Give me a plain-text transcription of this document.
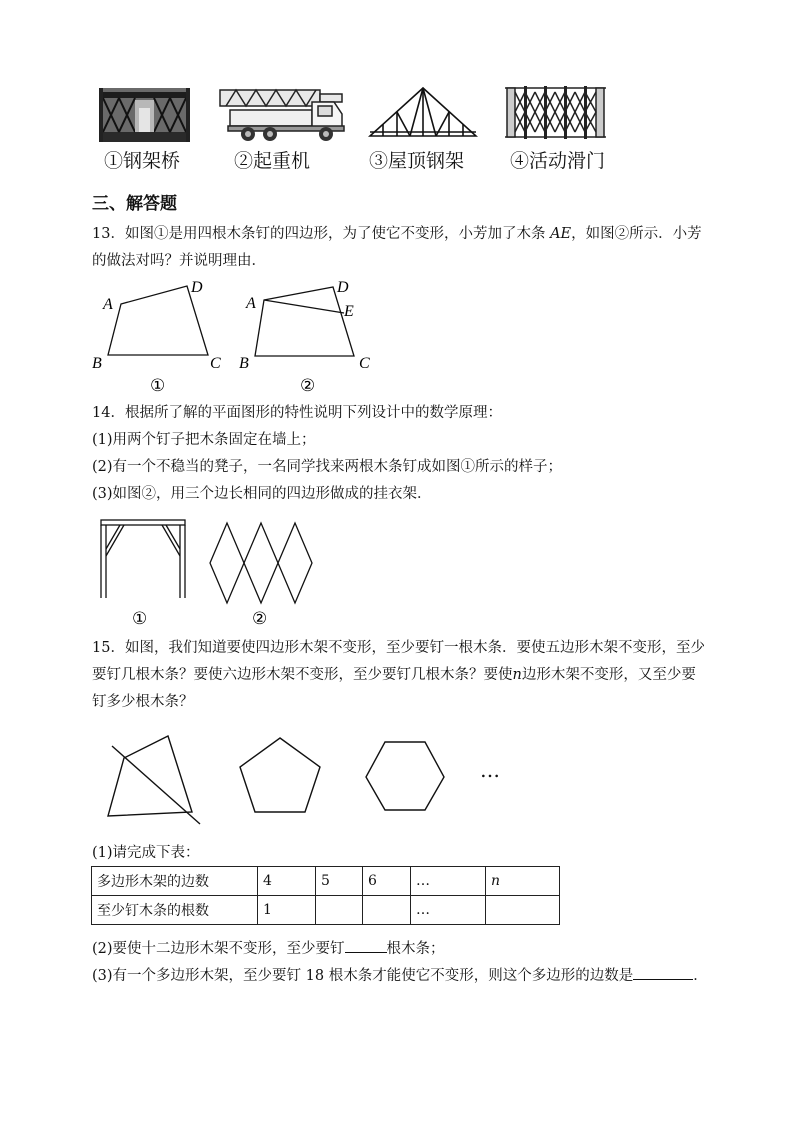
①钢架桥	②起重机	③屋顶钢架 ④活动滑门
三、解答题
13．如图①是用四根木条钉的四边形，为了使它不变形，小芳加了木条 AE，如图②所示．小芳
的做法对吗？并说明理由．
A
D
B	C
①
A
D
E
B	C
②
14．根据所了解的平面图形的特性说明下列设计中的数学原理：
(1)用两个钉子把木条固定在墙上；
(2)有一个不稳当的凳子，一名同学找来两根木条钉成如图①所示的样子；
(3)如图②，用三个边长相同的四边形做成的挂衣架．
①	②
15．如图，我们知道要使四边形木架不变形，至少要钉一根木条．要使五边形木架不变形，至少
要钉几根木条？要使六边形木架不变形，至少要钉几根木条？要使n边形木架不变形，又至少要
钉多少根木条？
…
(1)请完成下表：
多边形木架的边数	4	5	6	…	n
至少钉木条的根数	1			…	
(2)要使十二边形木架不变形，至少要钉	根木条；
(3)有一个多边形木架，至少要钉 18 根木条才能使它不变形，则这个多边形的边数是	．
